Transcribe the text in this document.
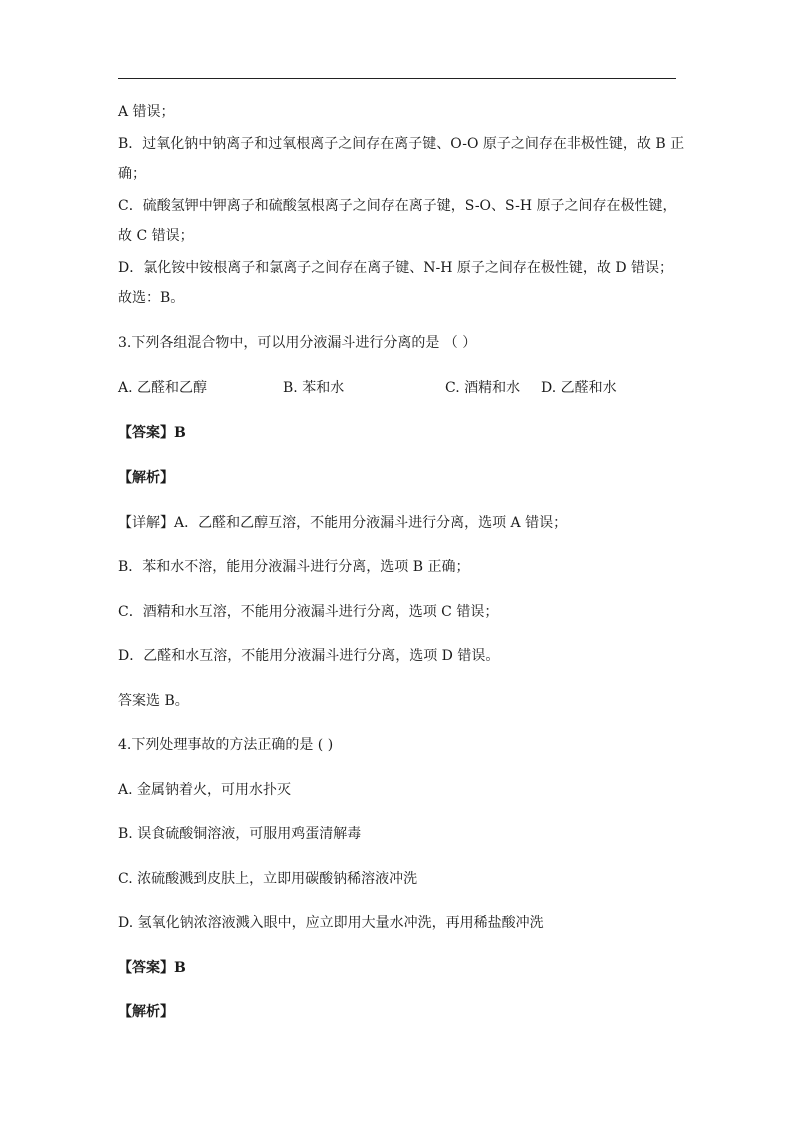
A 错误；
B．过氧化钠中钠离子和过氧根离子之间存在离子键、O-O 原子之间存在非极性键，故 B 正
确；
C．硫酸氢钾中钾离子和硫酸氢根离子之间存在离子键，S-O、S-H 原子之间存在极性键，
故 C 错误；
D．氯化铵中铵根离子和氯离子之间存在离子键、N-H 原子之间存在极性键，故 D 错误；
故选：B。
3.下列各组混合物中，可以用分液漏斗进行分离的是 （ ）
A. 乙醛和乙醇	B. 苯和水	C. 酒精和水 D. 乙醛和水
【答案】B
【解析】
【详解】A．乙醛和乙醇互溶，不能用分液漏斗进行分离，选项 A 错误；
B．苯和水不溶，能用分液漏斗进行分离，选项 B 正确；
C．酒精和水互溶，不能用分液漏斗进行分离，选项 C 错误；
D．乙醛和水互溶，不能用分液漏斗进行分离，选项 D 错误。
答案选 B。
4.下列处理事故的方法正确的是 ( )
A. 金属钠着火，可用水扑灭
B. 误食硫酸铜溶液，可服用鸡蛋清解毒
C. 浓硫酸溅到皮肤上，立即用碳酸钠稀溶液冲洗
D. 氢氧化钠浓溶液溅入眼中，应立即用大量水冲洗，再用稀盐酸冲洗
【答案】B
【解析】
